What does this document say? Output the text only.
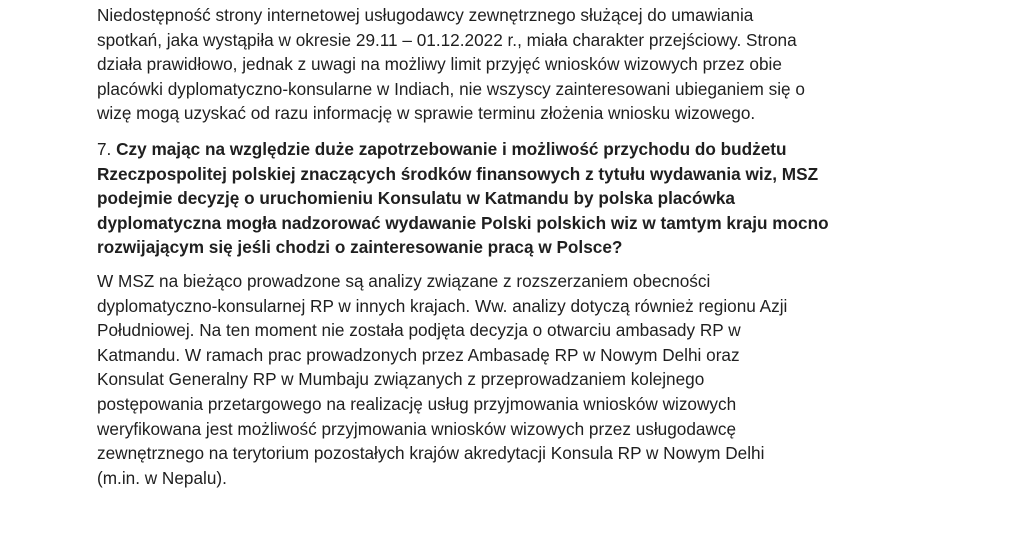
Niedostępność strony internetowej usługodawcy zewnętrznego służącej do umawiania
spotkań, jaka wystąpiła w okresie 29.11 – 01.12.2022 r., miała charakter przejściowy. Strona
działa prawidłowo, jednak z uwagi na możliwy limit przyjęć wniosków wizowych przez obie
placówki dyplomatyczno-konsularne w Indiach, nie wszyscy zainteresowani ubieganiem się o
wizę mogą uzyskać od razu informację w sprawie terminu złożenia wniosku wizowego.
7. Czy mając na względzie duże zapotrzebowanie i możliwość przychodu do budżetu
Rzeczpospolitej polskiej znaczących środków finansowych z tytułu wydawania wiz, MSZ
podejmie decyzję o uruchomieniu Konsulatu w Katmandu by polska placówka
dyplomatyczna mogła nadzorować wydawanie Polski polskich wiz w tamtym kraju mocno
rozwijającym się jeśli chodzi o zainteresowanie pracą w Polsce?
W MSZ na bieżąco prowadzone są analizy związane z rozszerzaniem obecności
dyplomatyczno-konsularnej RP w innych krajach. Ww. analizy dotyczą również regionu Azji
Południowej. Na ten moment nie została podjęta decyzja o otwarciu ambasady RP w
Katmandu. W ramach prac prowadzonych przez Ambasadę RP w Nowym Delhi oraz
Konsulat Generalny RP w Mumbaju związanych z przeprowadzaniem kolejnego
postępowania przetargowego na realizację usług przyjmowania wniosków wizowych
weryfikowana jest możliwość przyjmowania wniosków wizowych przez usługodawcę
zewnętrznego na terytorium pozostałych krajów akredytacji Konsula RP w Nowym Delhi
(m.in. w Nepalu).
